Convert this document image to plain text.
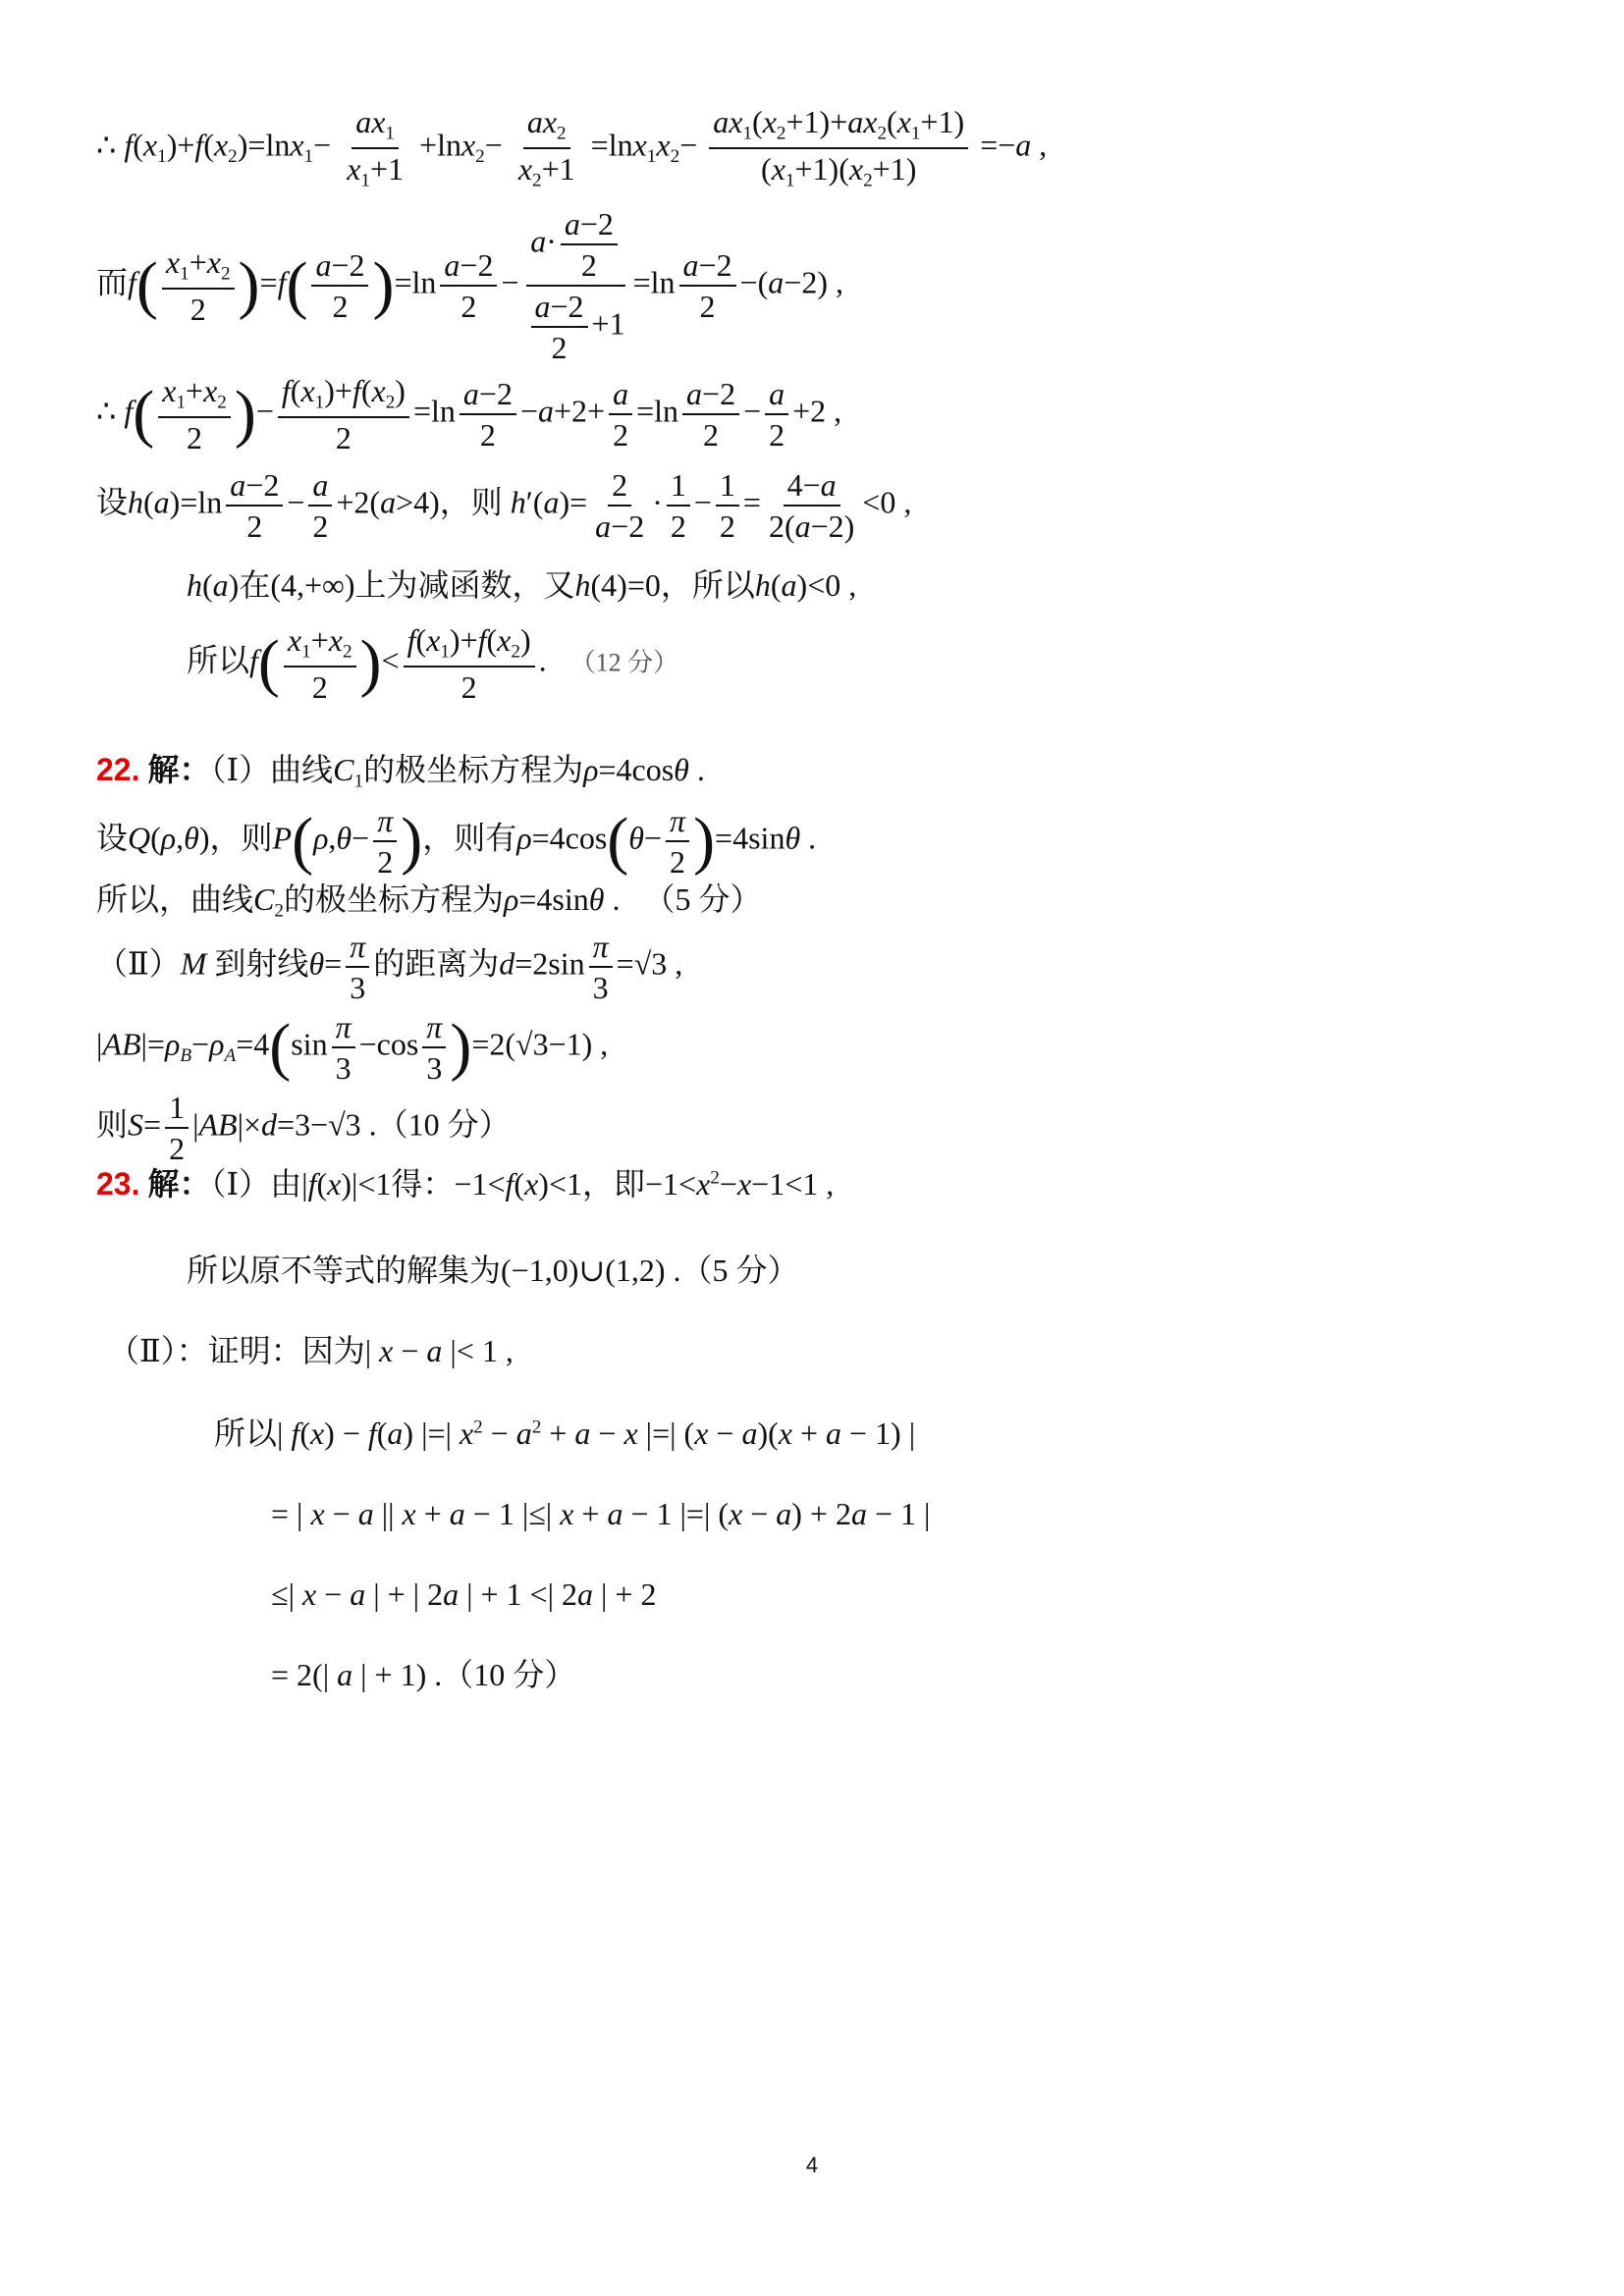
∴ $f(x_1)+f(x_2)=\ln x_1- \frac{ax_1}{x_1+1} +\ln x_2- \frac{ax_2}{x_2+1} =\ln x_1x_2- \frac{ax_1(x_2+1)+ax_2(x_1+1)}{(x_1+1)(x_2+1)} =-a$ ,
而$f( \frac{x_1+x_2}{2} )=f( \frac{a-2}{2} )=\ln \frac{a-2}{2} - \frac{a\cdot \frac{a-2}{2}}{\frac{a-2}{2} +1} =\ln \frac{a-2}{2} -(a-2)$ ,
∴ $f( \frac{x_1+x_2}{2}$ )− $\frac{f(x_1)+f(x_2)}{2} =\ln \frac{a-2}{2} -a+2+ \frac{a}{2} =\ln \frac{a-2}{2} - \frac{a}{2} +2$ ,
设$h(a)=\ln \frac{a-2}{2} - \frac{a}{2} +2(a>4)$，则 $h'(a)= \frac{2}{a-2} \cdot \frac{1}{2} - \frac{1}{2} = \frac{4-a}{2(a-2)} <0$ ,
h(a)在(4,+∞)上为减函数，又h(4)=0，所以h(a)<0 ,
所以$f( \frac{x_1+x_2}{2}$ )< $\frac{f(x_1)+f(x_2)}{2}$ .   （12 分）
22. 解：（Ⅰ）曲线$C_1$的极坐标方程为ρ=4cosθ .
设Q(ρ,θ)，则$P(\rho,\theta- \frac{\pi}{2}$ )，则有$\rho=4\cos(\theta- \frac{\pi}{2} )=4\sin\theta$ .
所以，曲线$C_2$的极坐标方程为ρ=4sinθ .   （5 分）
（Ⅱ）M 到射线$\theta= \frac{\pi}{3}$ 的距离为$d=2\sin \frac{\pi}{3} =√3$ ,
$|AB|=\rho_B-\rho_A=4(\sin \frac{\pi}{3} -\cos \frac{\pi}{3} )=2(√3-1)$ ,
则$S= \frac{1}{2} |AB|\times d=3-√3$ .（10 分）
23. 解：（Ⅰ）由|f(x)|<1得：−1<f(x)<1，即$-1<x^2-x-1<1$ ,
所以原不等式的解集为(−1,0)∪(1,2) .（5 分）
（Ⅱ）：证明：因为| x − a |< 1 ,
所以| f(x) − f(a) |=| $x^2 - a^2 + a - x$ |=| (x − a)(x + a − 1) |
= | x − a || x + a − 1 |≤| x + a − 1 |=| (x − a) + 2a − 1 |
≤| x − a | + | 2a | + 1 <| 2a | + 2
= 2(| a | + 1) .（10 分）
4
